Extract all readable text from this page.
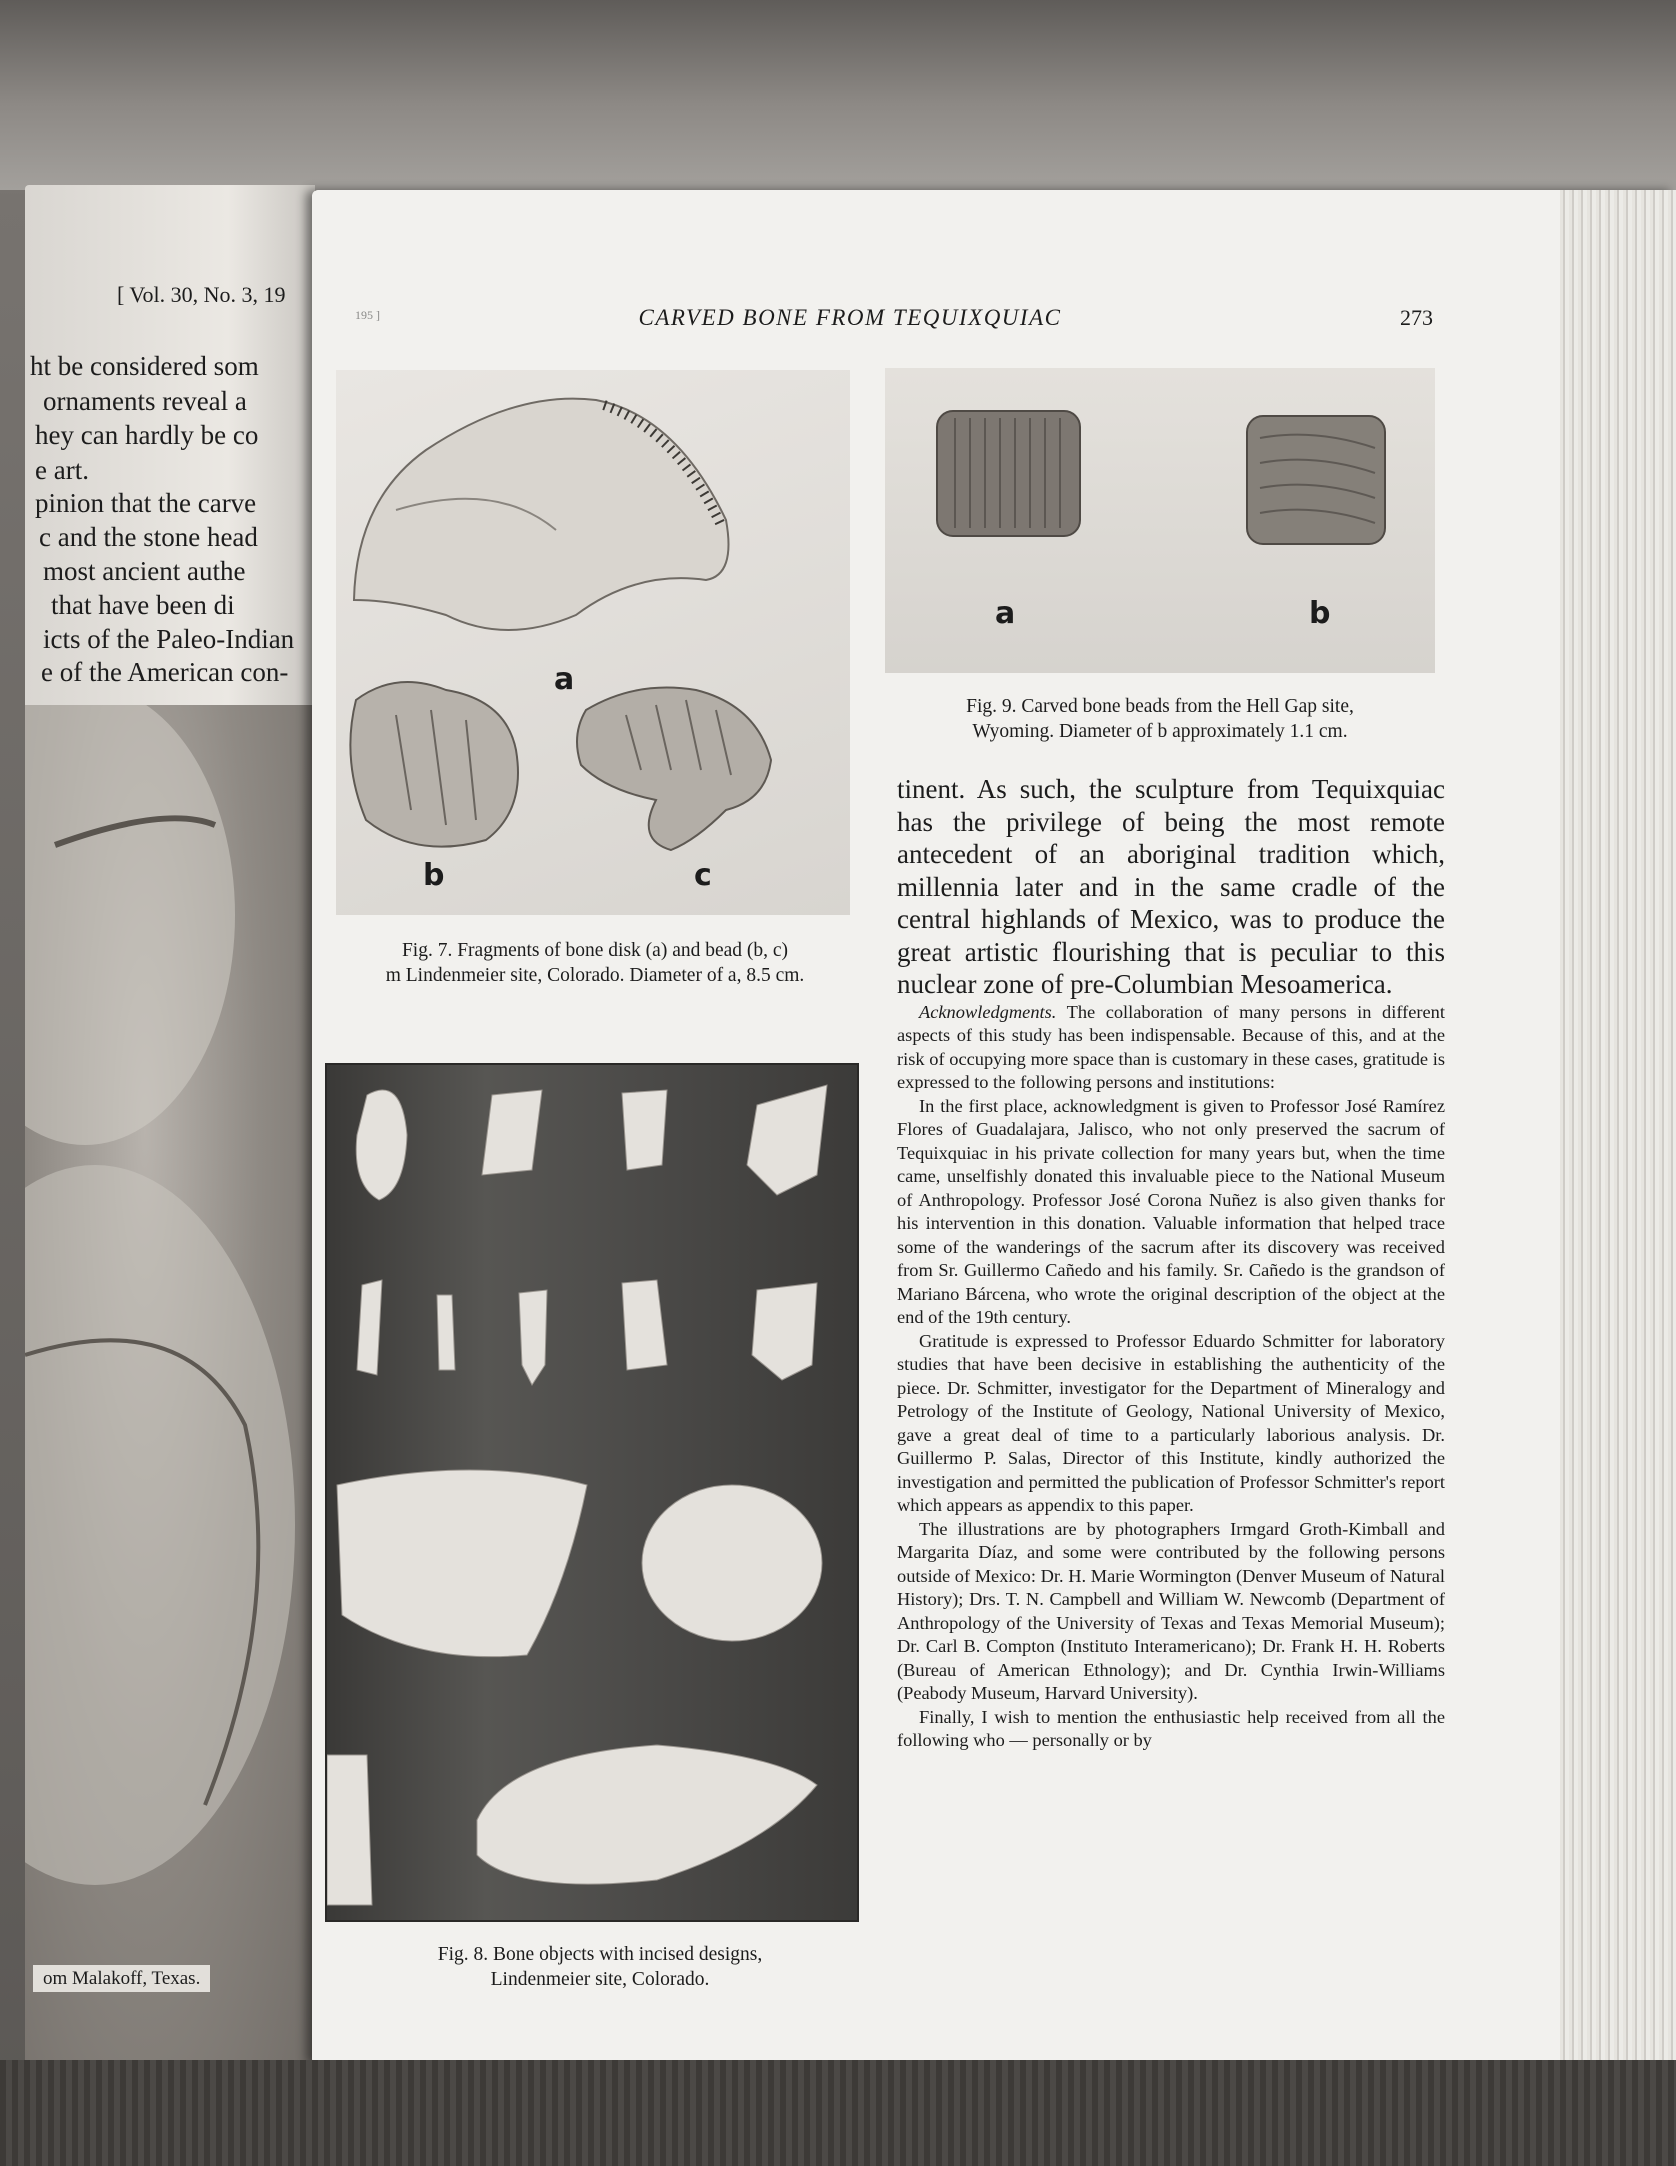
[ Vol. 30, No. 3, 19
ht be considered som
ornaments reveal a
hey can hardly be co
e art.
pinion that the carve
c and the stone head
most ancient authe
that have been di
icts of the Paleo-Indian
e of the American con-
om Malakoff, Texas.
195 ]	CARVED BONE FROM TEQUIXQUIAC	273
a
b	c
Fig. 7. Fragments of bone disk (a) and bead (b, c)
m Lindenmeier site, Colorado. Diameter of a, 8.5 cm.
a	b
Fig. 9. Carved bone beads from the Hell Gap site,
Wyoming. Diameter of b approximately 1.1 cm.
Fig. 8. Bone objects with incised designs,
Lindenmeier site, Colorado.

tinent. As such, the sculpture from Tequixquiac has the privilege of being the most remote antecedent of an aboriginal tradition which, millennia later and in the same cradle of the central highlands of Mexico, was to produce the great artistic flourishing that is peculiar to this nuclear zone of pre-Columbian Mesoamerica.

Acknowledgments. The collaboration of many persons in different aspects of this study has been indispensable. Because of this, and at the risk of occupying more space than is customary in these cases, gratitude is expressed to the following persons and institutions:

In the first place, acknowledgment is given to Professor José Ramírez Flores of Guadalajara, Jalisco, who not only preserved the sacrum of Tequixquiac in his private collection for many years but, when the time came, unselfishly donated this invaluable piece to the National Museum of Anthropology. Professor José Corona Nuñez is also given thanks for his intervention in this donation. Valuable information that helped trace some of the wanderings of the sacrum after its discovery was received from Sr. Guillermo Cañedo and his family. Sr. Cañedo is the grandson of Mariano Bárcena, who wrote the original description of the object at the end of the 19th century.

Gratitude is expressed to Professor Eduardo Schmitter for laboratory studies that have been decisive in establishing the authenticity of the piece. Dr. Schmitter, investigator for the Department of Mineralogy and Petrology of the Institute of Geology, National University of Mexico, gave a great deal of time to a particularly laborious analysis. Dr. Guillermo P. Salas, Director of this Institute, kindly authorized the investigation and permitted the publication of Professor Schmitter's report which appears as appendix to this paper.

The illustrations are by photographers Irmgard Groth-Kimball and Margarita Díaz, and some were contributed by the following persons outside of Mexico: Dr. H. Marie Wormington (Denver Museum of Natural History); Drs. T. N. Campbell and William W. Newcomb (Department of Anthropology of the University of Texas and Texas Memorial Museum); Dr. Carl B. Compton (Instituto Interamericano); Dr. Frank H. H. Roberts (Bureau of American Ethnology); and Dr. Cynthia Irwin-Williams (Peabody Museum, Harvard University).

Finally, I wish to mention the enthusiastic help received from all the following who — personally or by
